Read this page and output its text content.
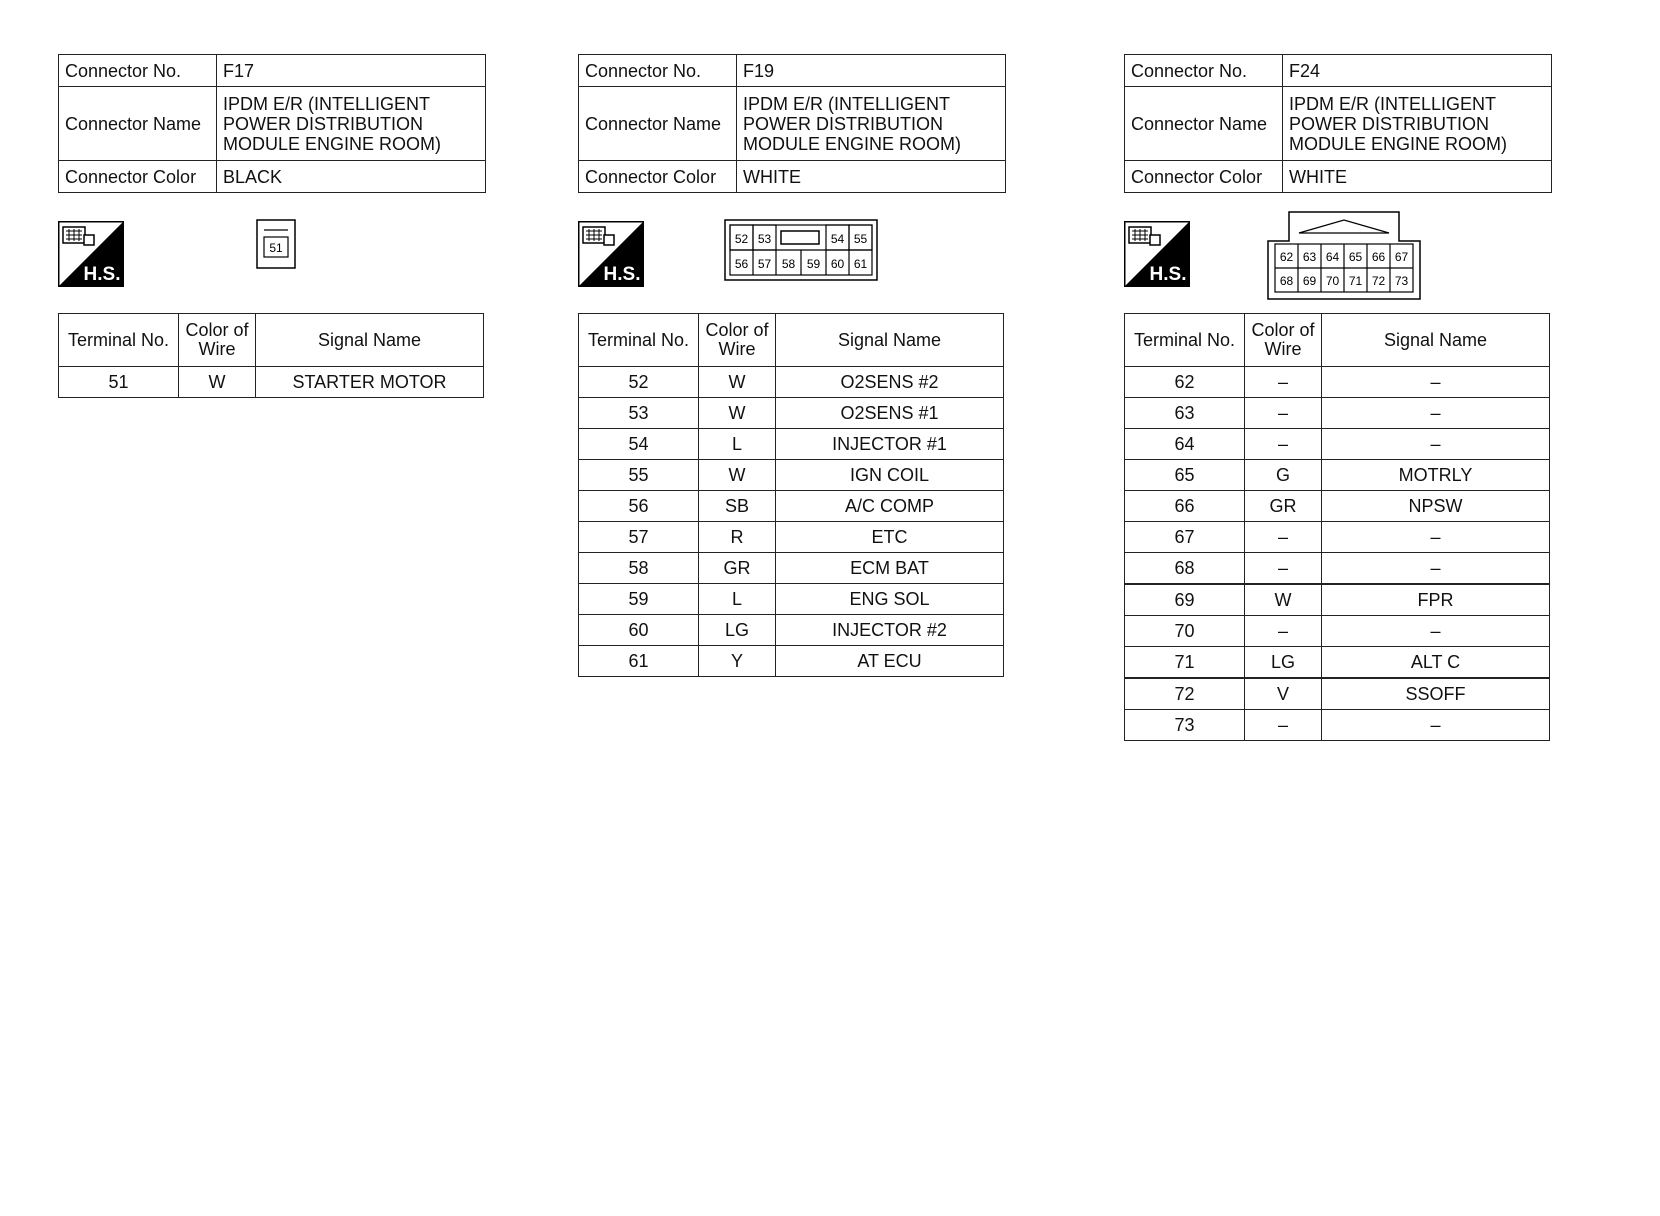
Connector No.	F17
Connector Name	IPDM E/R (INTELLIGENT
POWER DISTRIBUTION
MODULE ENGINE ROOM)

Connector Color	BLACK
H.S.
51
Terminal No.	Color of Wire	Signal Name
51	W	STARTER MOTOR
Connector No.	F19
Connector Name	IPDM E/R (INTELLIGENT
POWER DISTRIBUTION
MODULE ENGINE ROOM)

Connector Color	WHITE
H.S.
52 53	54 55
56 57 58 59 60 61
Terminal No.	Color of Wire	Signal Name
52	W	O2SENS #2
53	W	O2SENS #1
54	L	INJECTOR #1
55	W	IGN COIL
56	SB	A/C COMP
57	R	ETC
58	GR	ECM BAT
59	L	ENG SOL
60	LG	INJECTOR #2
61	Y	AT ECU
Connector No.	F24
Connector Name	IPDM E/R (INTELLIGENT
POWER DISTRIBUTION
MODULE ENGINE ROOM)

Connector Color	WHITE
H.S.
62 63 64 65 66 67
68 69 70 71 72 73
Terminal No.	Color of Wire	Signal Name
62	–	–
63	–	–
64	–	–
65	G	MOTRLY
66	GR	NPSW
67	–	–
68	–	–
69	W	FPR
70	–	–
71	LG	ALT C
72	V	SSOFF
73	–	–
